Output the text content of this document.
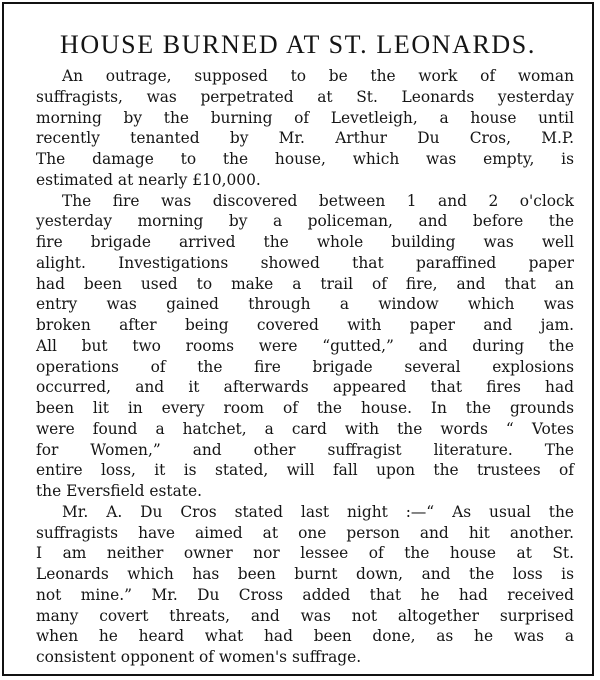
HOUSE BURNED AT ST. LEONARDS.
An outrage, supposed to be the work of woman
suffragists, was perpetrated at St. Leonards yesterday
morning by the burning of Levetleigh, a house until
recently tenanted by Mr. Arthur Du Cros, M.P.
The damage to the house, which was empty, is
estimated at nearly £10,000.
The fire was discovered between 1 and 2 o'clock
yesterday morning by a policeman, and before the
fire brigade arrived the whole building was well
alight. Investigations showed that paraffined paper
had been used to make a trail of fire, and that an
entry was gained through a window which was
broken after being covered with paper and jam.
All but two rooms were “gutted,” and during the
operations of the fire brigade several explosions
occurred, and it afterwards appeared that fires had
been lit in every room of the house. In the grounds
were found a hatchet, a card with the words “ Votes
for Women,” and other suffragist literature. The
entire loss, it is stated, will fall upon the trustees of
the Eversfield estate.
Mr. A. Du Cros stated last night :—“ As usual the
suffragists have aimed at one person and hit another.
I am neither owner nor lessee of the house at St.
Leonards which has been burnt down, and the loss is
not mine.” Mr. Du Cross added that he had received
many covert threats, and was not altogether surprised
when he heard what had been done, as he was a
consistent opponent of women's suffrage.
